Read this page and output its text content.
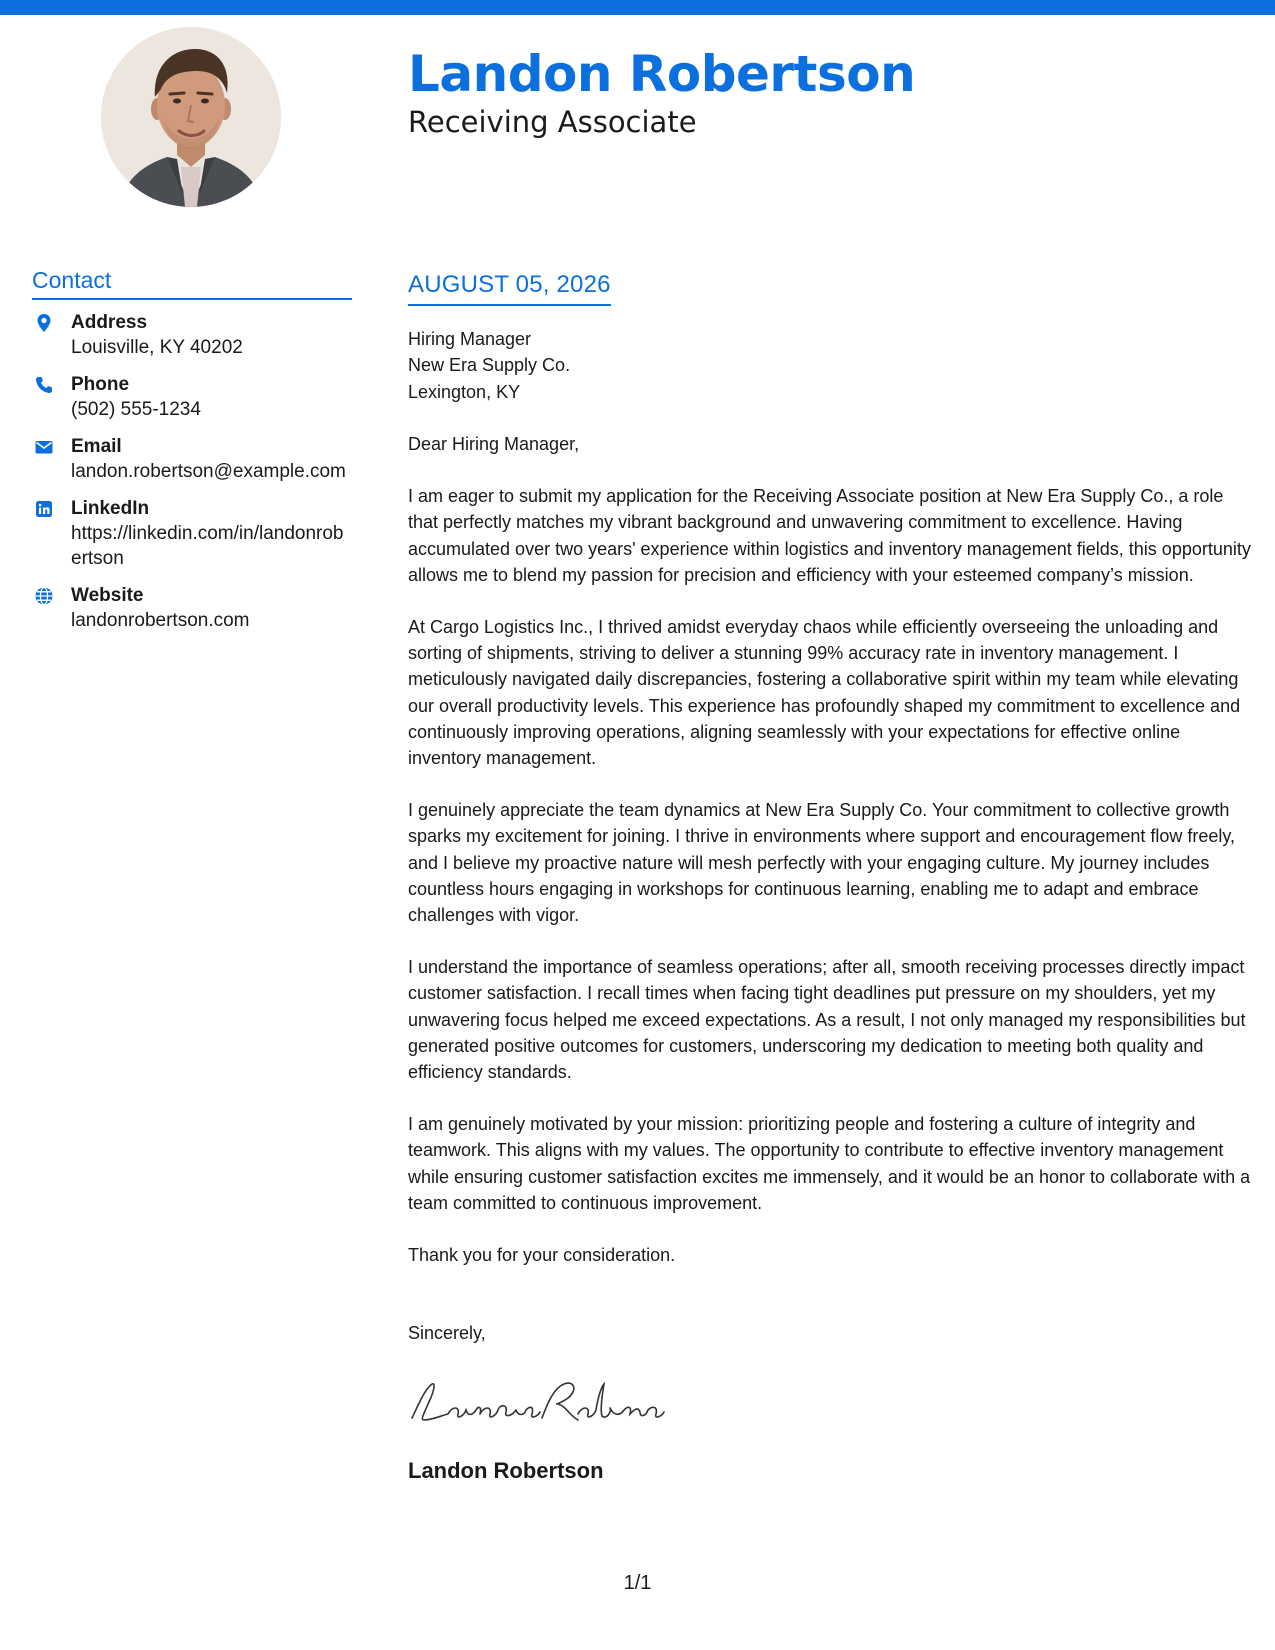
Landon Robertson
Receiving Associate
Contact
Address
Louisville, KY 40202
Phone
(502) 555-1234
Email
landon.robertson@example.com
LinkedIn
https://linkedin.com/in/landonrobertson
Website
landonrobertson.com
AUGUST 05, 2026
Hiring Manager
New Era Supply Co.
Lexington, KY
Dear Hiring Manager,

I am eager to submit my application for the Receiving Associate position at New Era Supply Co., a role that perfectly matches my vibrant background and unwavering commitment to excellence. Having accumulated over two years' experience within logistics and inventory management fields, this opportunity allows me to blend my passion for precision and efficiency with your esteemed company’s mission.

At Cargo Logistics Inc., I thrived amidst everyday chaos while efficiently overseeing the unloading and sorting of shipments, striving to deliver a stunning 99% accuracy rate in inventory management. I meticulously navigated daily discrepancies, fostering a collaborative spirit within my team while elevating our overall productivity levels. This experience has profoundly shaped my commitment to excellence and continuously improving operations, aligning seamlessly with your expectations for effective online inventory management.

I genuinely appreciate the team dynamics at New Era Supply Co. Your commitment to collective growth sparks my excitement for joining. I thrive in environments where support and encouragement flow freely, and I believe my proactive nature will mesh perfectly with your engaging culture. My journey includes countless hours engaging in workshops for continuous learning, enabling me to adapt and embrace challenges with vigor.

I understand the importance of seamless operations; after all, smooth receiving processes directly impact customer satisfaction. I recall times when facing tight deadlines put pressure on my shoulders, yet my unwavering focus helped me exceed expectations. As a result, I not only managed my responsibilities but generated positive outcomes for customers, underscoring my dedication to meeting both quality and efficiency standards.

I am genuinely motivated by your mission: prioritizing people and fostering a culture of integrity and teamwork. This aligns with my values. The opportunity to contribute to effective inventory management while ensuring customer satisfaction excites me immensely, and it would be an honor to collaborate with a team committed to continuous improvement.

Thank you for your consideration.

Sincerely,
Landon Robertson
1/1
